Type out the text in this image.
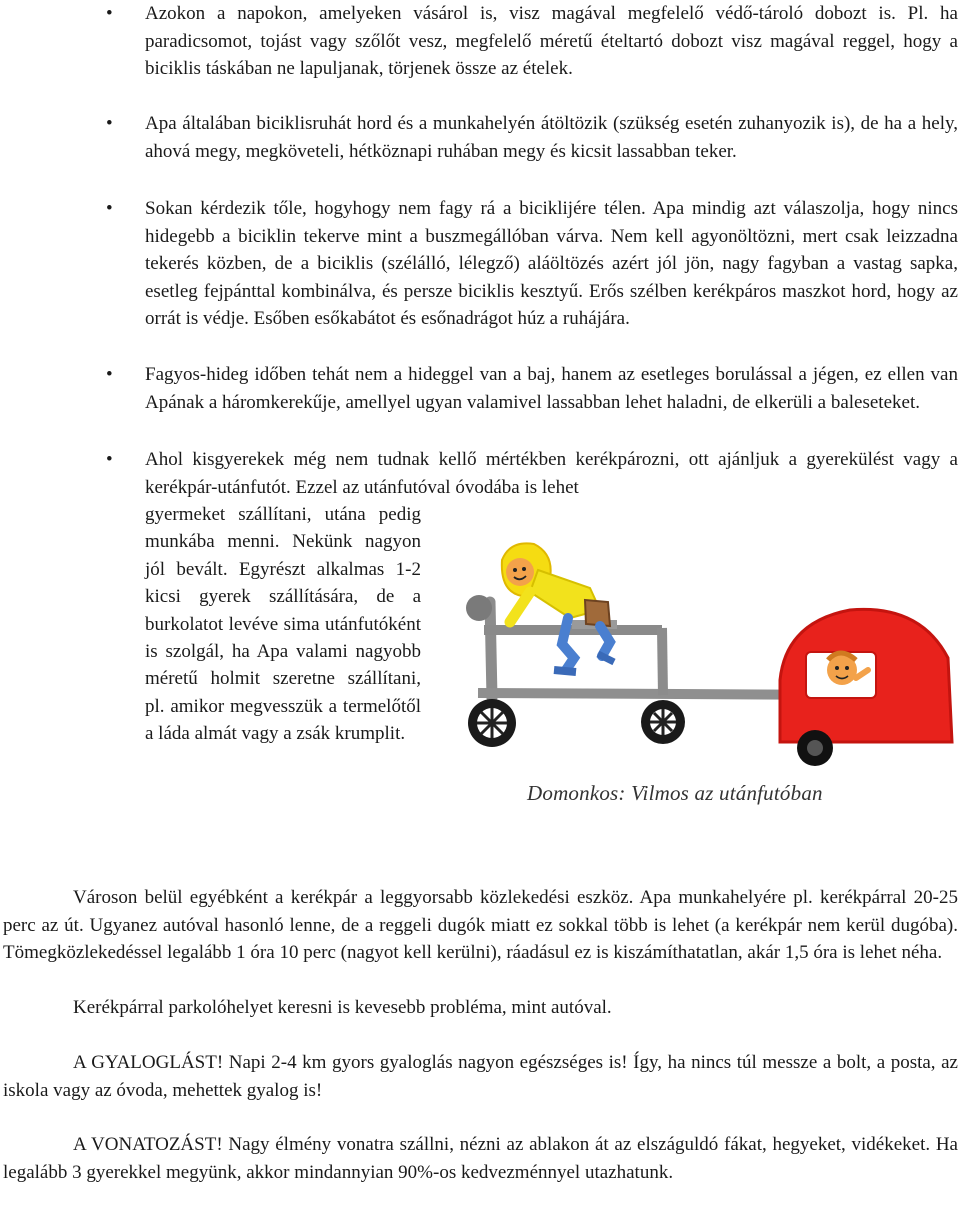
• Azokon a napokon, amelyeken vásárol is, visz magával megfelelő védő-tároló dobozt is. Pl. ha paradicsomot, tojást vagy szőlőt vesz, megfelelő méretű ételtartó dobozt visz magával reggel, hogy a biciklis táskában ne lapuljanak, törjenek össze az ételek.

• Apa általában biciklisruhát hord és a munkahelyén átöltözik (szükség esetén zuhanyozik is), de ha a hely, ahová megy, megköveteli, hétköznapi ruhában megy és kicsit lassabban teker.

• Sokan kérdezik tőle, hogyhogy nem fagy rá a biciklijére télen. Apa mindig azt válaszolja, hogy nincs hidegebb a biciklin tekerve mint a buszmegállóban várva. Nem kell agyonöltözni, mert csak leizzadna tekerés közben, de a biciklis (szélálló, lélegző) aláöltözés azért jól jön, nagy fagyban a vastag sapka, esetleg fejpánttal kombinálva, és persze biciklis kesztyű. Erős szélben kerékpáros maszkot hord, hogy az orrát is védje. Esőben esőkabátot és esőnadrágot húz a ruhájára.

• Fagyos-hideg időben tehát nem a hideggel van a baj, hanem az esetleges borulással a jégen, ez ellen van Apának a háromkerekűje, amellyel ugyan valamivel lassabban lehet haladni, de elkerüli a baleseteket.

• Ahol kisgyerekek még nem tudnak kellő mértékben kerékpározni, ott ajánljuk a gyerekülést vagy a kerékpár-utánfutót. Ezzel az utánfutóval óvodába is lehet

gyermeket szállítani, utána pedig munkába menni. Nekünk nagyon jól bevált. Egyrészt alkalmas 1-2 kicsi gyerek szállítására, de a burkolatot levéve sima utánfutóként is szolgál, ha Apa valami nagyobb méretű holmit szeretne szállítani, pl. amikor megvesszük a termelőtől a láda almát vagy a zsák krumplit.

Domonkos: Vilmos az utánfutóban

Városon belül egyébként a kerékpár a leggyorsabb közlekedési eszköz. Apa munkahelyére pl. kerékpárral 20-25 perc az út. Ugyanez autóval hasonló lenne, de a reggeli dugók miatt ez sokkal több is lehet (a kerékpár nem kerül dugóba). Tömegközlekedéssel legalább 1 óra 10 perc (nagyot kell kerülni), ráadásul ez is kiszámíthatatlan, akár 1,5 óra is lehet néha.

Kerékpárral parkolóhelyet keresni is kevesebb probléma, mint autóval.

A GYALOGLÁST! Napi 2-4 km gyors gyaloglás nagyon egészséges is! Így, ha nincs túl messze a bolt, a posta, az iskola vagy az óvoda, mehettek gyalog is!

A VONATOZÁST! Nagy élmény vonatra szállni, nézni az ablakon át az elszáguldó fákat, hegyeket, vidékeket. Ha legalább 3 gyerekkel megyünk, akkor mindannyian 90%-os kedvezménnyel utazhatunk.
